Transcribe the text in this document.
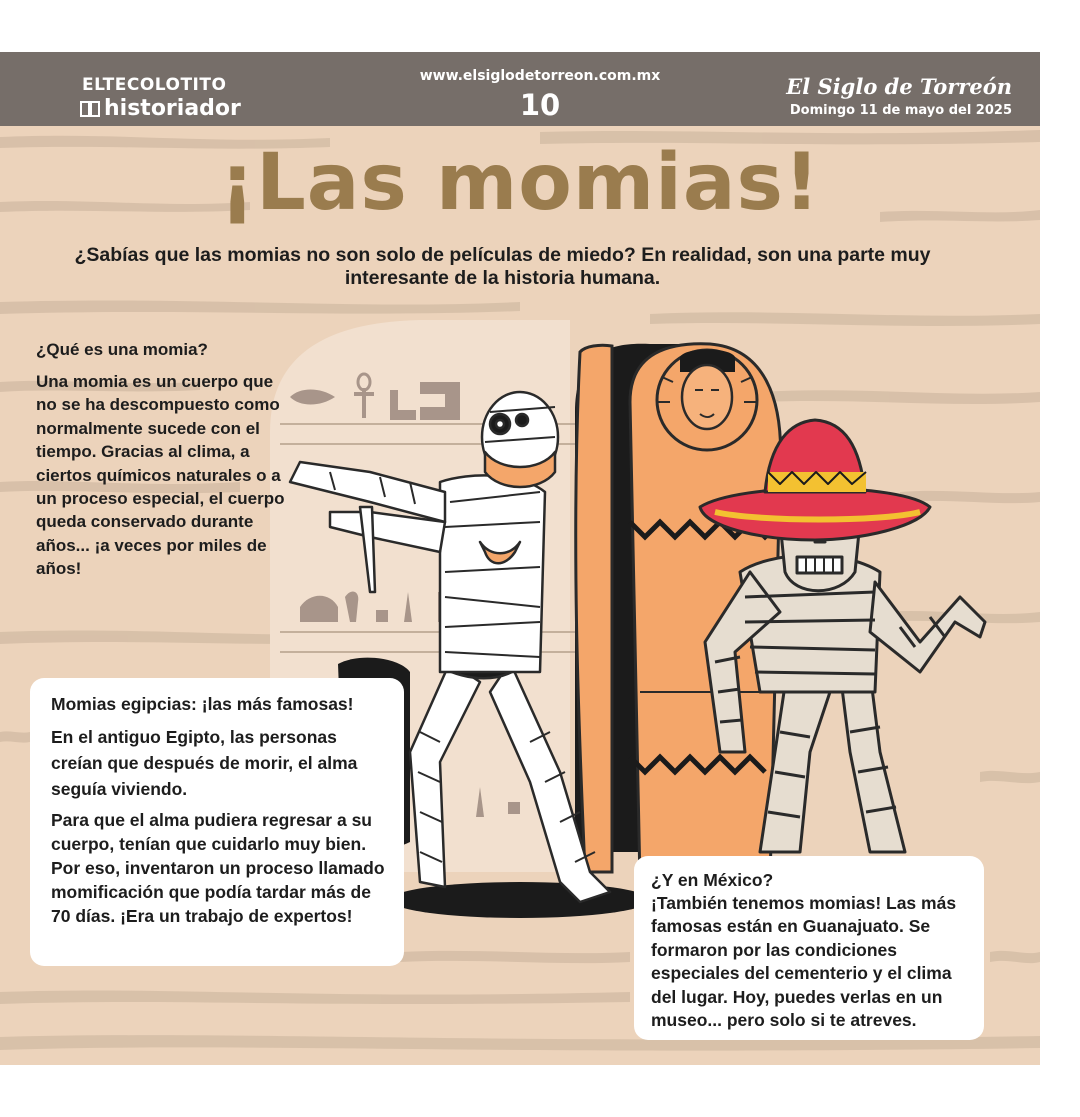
ELTECOLOTITO
historiador
www.elsiglodetorreon.com.mx
10
El Siglo de Torreón
Domingo 11 de mayo del 2025
¡Las momias!
¿Sabías que las momias no son solo de películas de miedo? En realidad, son una parte muy interesante de la historia humana.
¿Qué es una momia?
Una momia es un cuerpo que no se ha descompuesto como normalmente sucede con el tiempo. Gracias al clima, a ciertos químicos naturales o a un proceso especial, el cuerpo queda conservado durante años... ¡a veces por miles de años!
Momias egipcias: ¡las más famosas!
En el antiguo Egipto, las personas creían que después de morir, el alma seguía viviendo.
Para que el alma pudiera regresar a su cuerpo, tenían que cuidarlo muy bien. Por eso, inventaron un proceso llamado momificación que podía tardar más de 70 días. ¡Era un trabajo de expertos!
¿Y en México?
¡También tenemos momias! Las más famosas están en Guanajuato. Se formaron por las condiciones especiales del cementerio y el clima del lugar. Hoy, puedes verlas en un museo... pero solo si te atreves.
